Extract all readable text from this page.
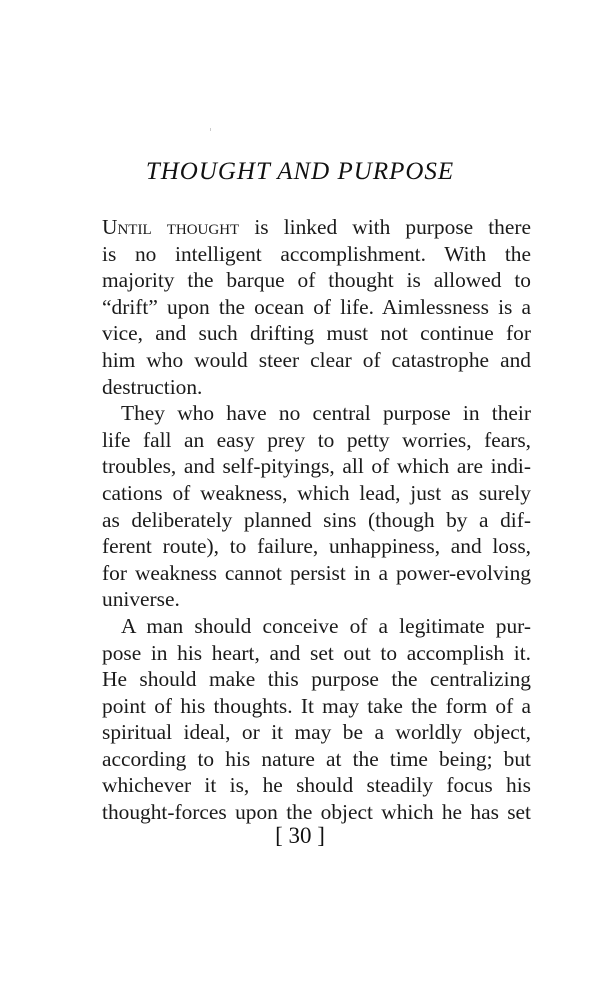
THOUGHT AND PURPOSE
Until thought is linked with purpose there
is no intelligent accomplishment. With the
majority the barque of thought is allowed to
“drift” upon the ocean of life. Aimlessness is a
vice, and such drifting must not continue for
him who would steer clear of catastrophe and
destruction.
They who have no central purpose in their
life fall an easy prey to petty worries, fears,
troubles, and self-pityings, all of which are indi-
cations of weakness, which lead, just as surely
as deliberately planned sins (though by a dif-
ferent route), to failure, unhappiness, and loss,
for weakness cannot persist in a power-evolving
universe.
A man should conceive of a legitimate pur-
pose in his heart, and set out to accomplish it.
He should make this purpose the centralizing
point of his thoughts. It may take the form of a
spiritual ideal, or it may be a worldly object,
according to his nature at the time being; but
whichever it is, he should steadily focus his
thought-forces upon the object which he has set
[ 30 ]
